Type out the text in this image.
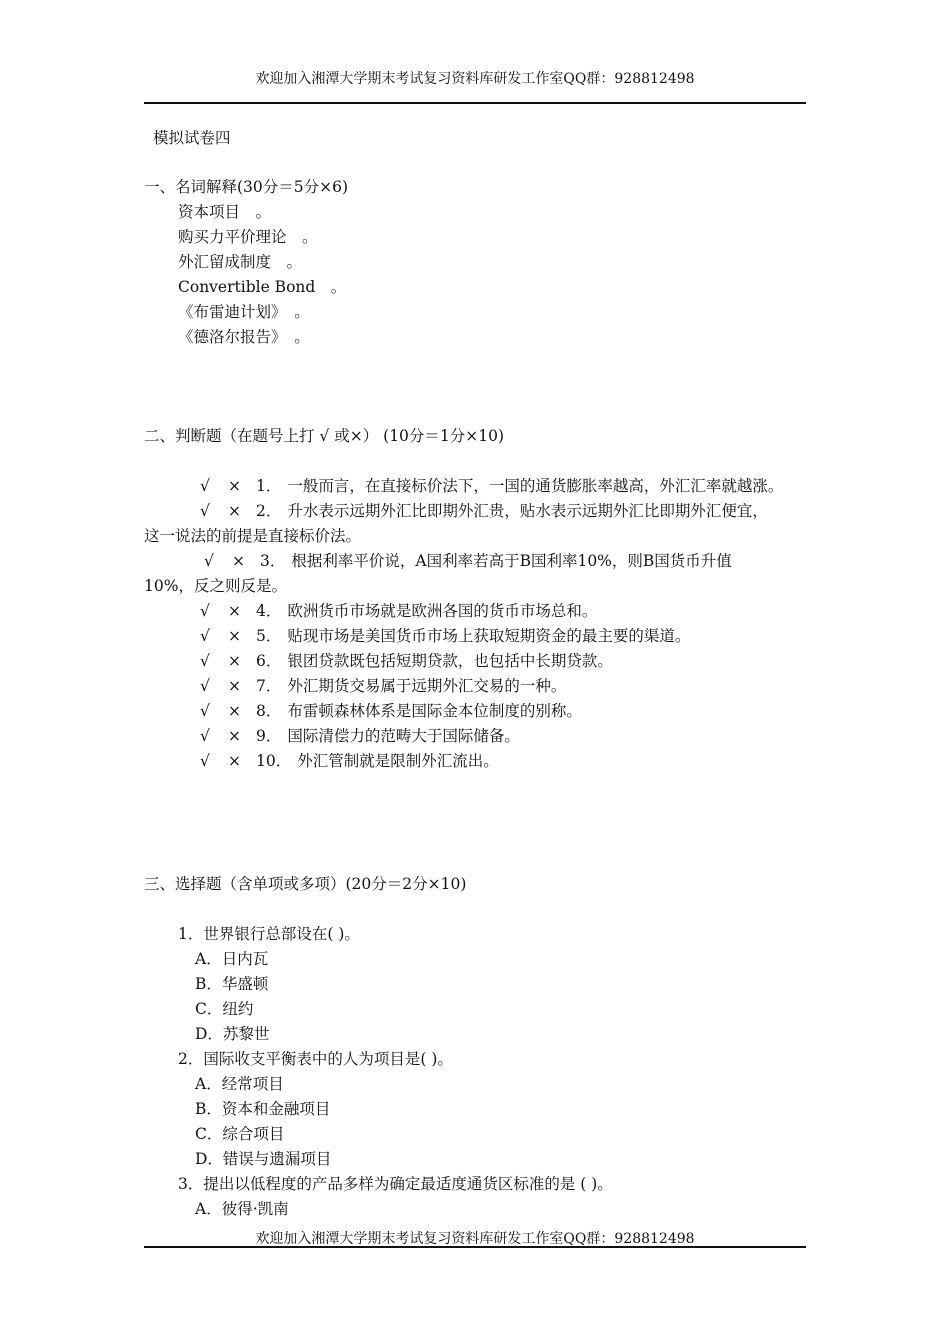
欢迎加入湘潭大学期末考试复习资料库研发工作室QQ群：928812498
模拟试卷四
一、名词解释(30分＝5分×6)
资本项目　。
购买力平价理论　。
外汇留成制度　。
Convertible Bond　。
《布雷迪计划》　。
《德洛尔报告》　。
二、判断题（在题号上打 √ 或×） (10分＝1分×10)
√ × 1． 一般而言，在直接标价法下，一国的通货膨胀率越高，外汇汇率就越涨。
√ × 2． 升水表示远期外汇比即期外汇贵，贴水表示远期外汇比即期外汇便宜，
这一说法的前提是直接标价法。
√ × 3． 根据利率平价说，A国利率若高于B国利率10%，则B国货币升值
10%，反之则反是。
√ × 4． 欧洲货币市场就是欧洲各国的货币市场总和。
√ × 5． 贴现市场是美国货币市场上获取短期资金的最主要的渠道。
√ × 6． 银团贷款既包括短期贷款，也包括中长期贷款。
√ × 7． 外汇期货交易属于远期外汇交易的一种。
√ × 8． 布雷顿森林体系是国际金本位制度的别称。
√ × 9． 国际清偿力的范畴大于国际储备。
√ × 10． 外汇管制就是限制外汇流出。
三、选择题（含单项或多项）(20分＝2分×10)
1．世界银行总部设在( )。
A．日内瓦
B．华盛顿
C．纽约
D．苏黎世
2．国际收支平衡表中的人为项目是( )。
A．经常项目
B．资本和金融项目
C．综合项目
D．错误与遗漏项目
3．提出以低程度的产品多样为确定最适度通货区标准的是 ( )。
A．彼得·凯南
欢迎加入湘潭大学期末考试复习资料库研发工作室QQ群：928812498
